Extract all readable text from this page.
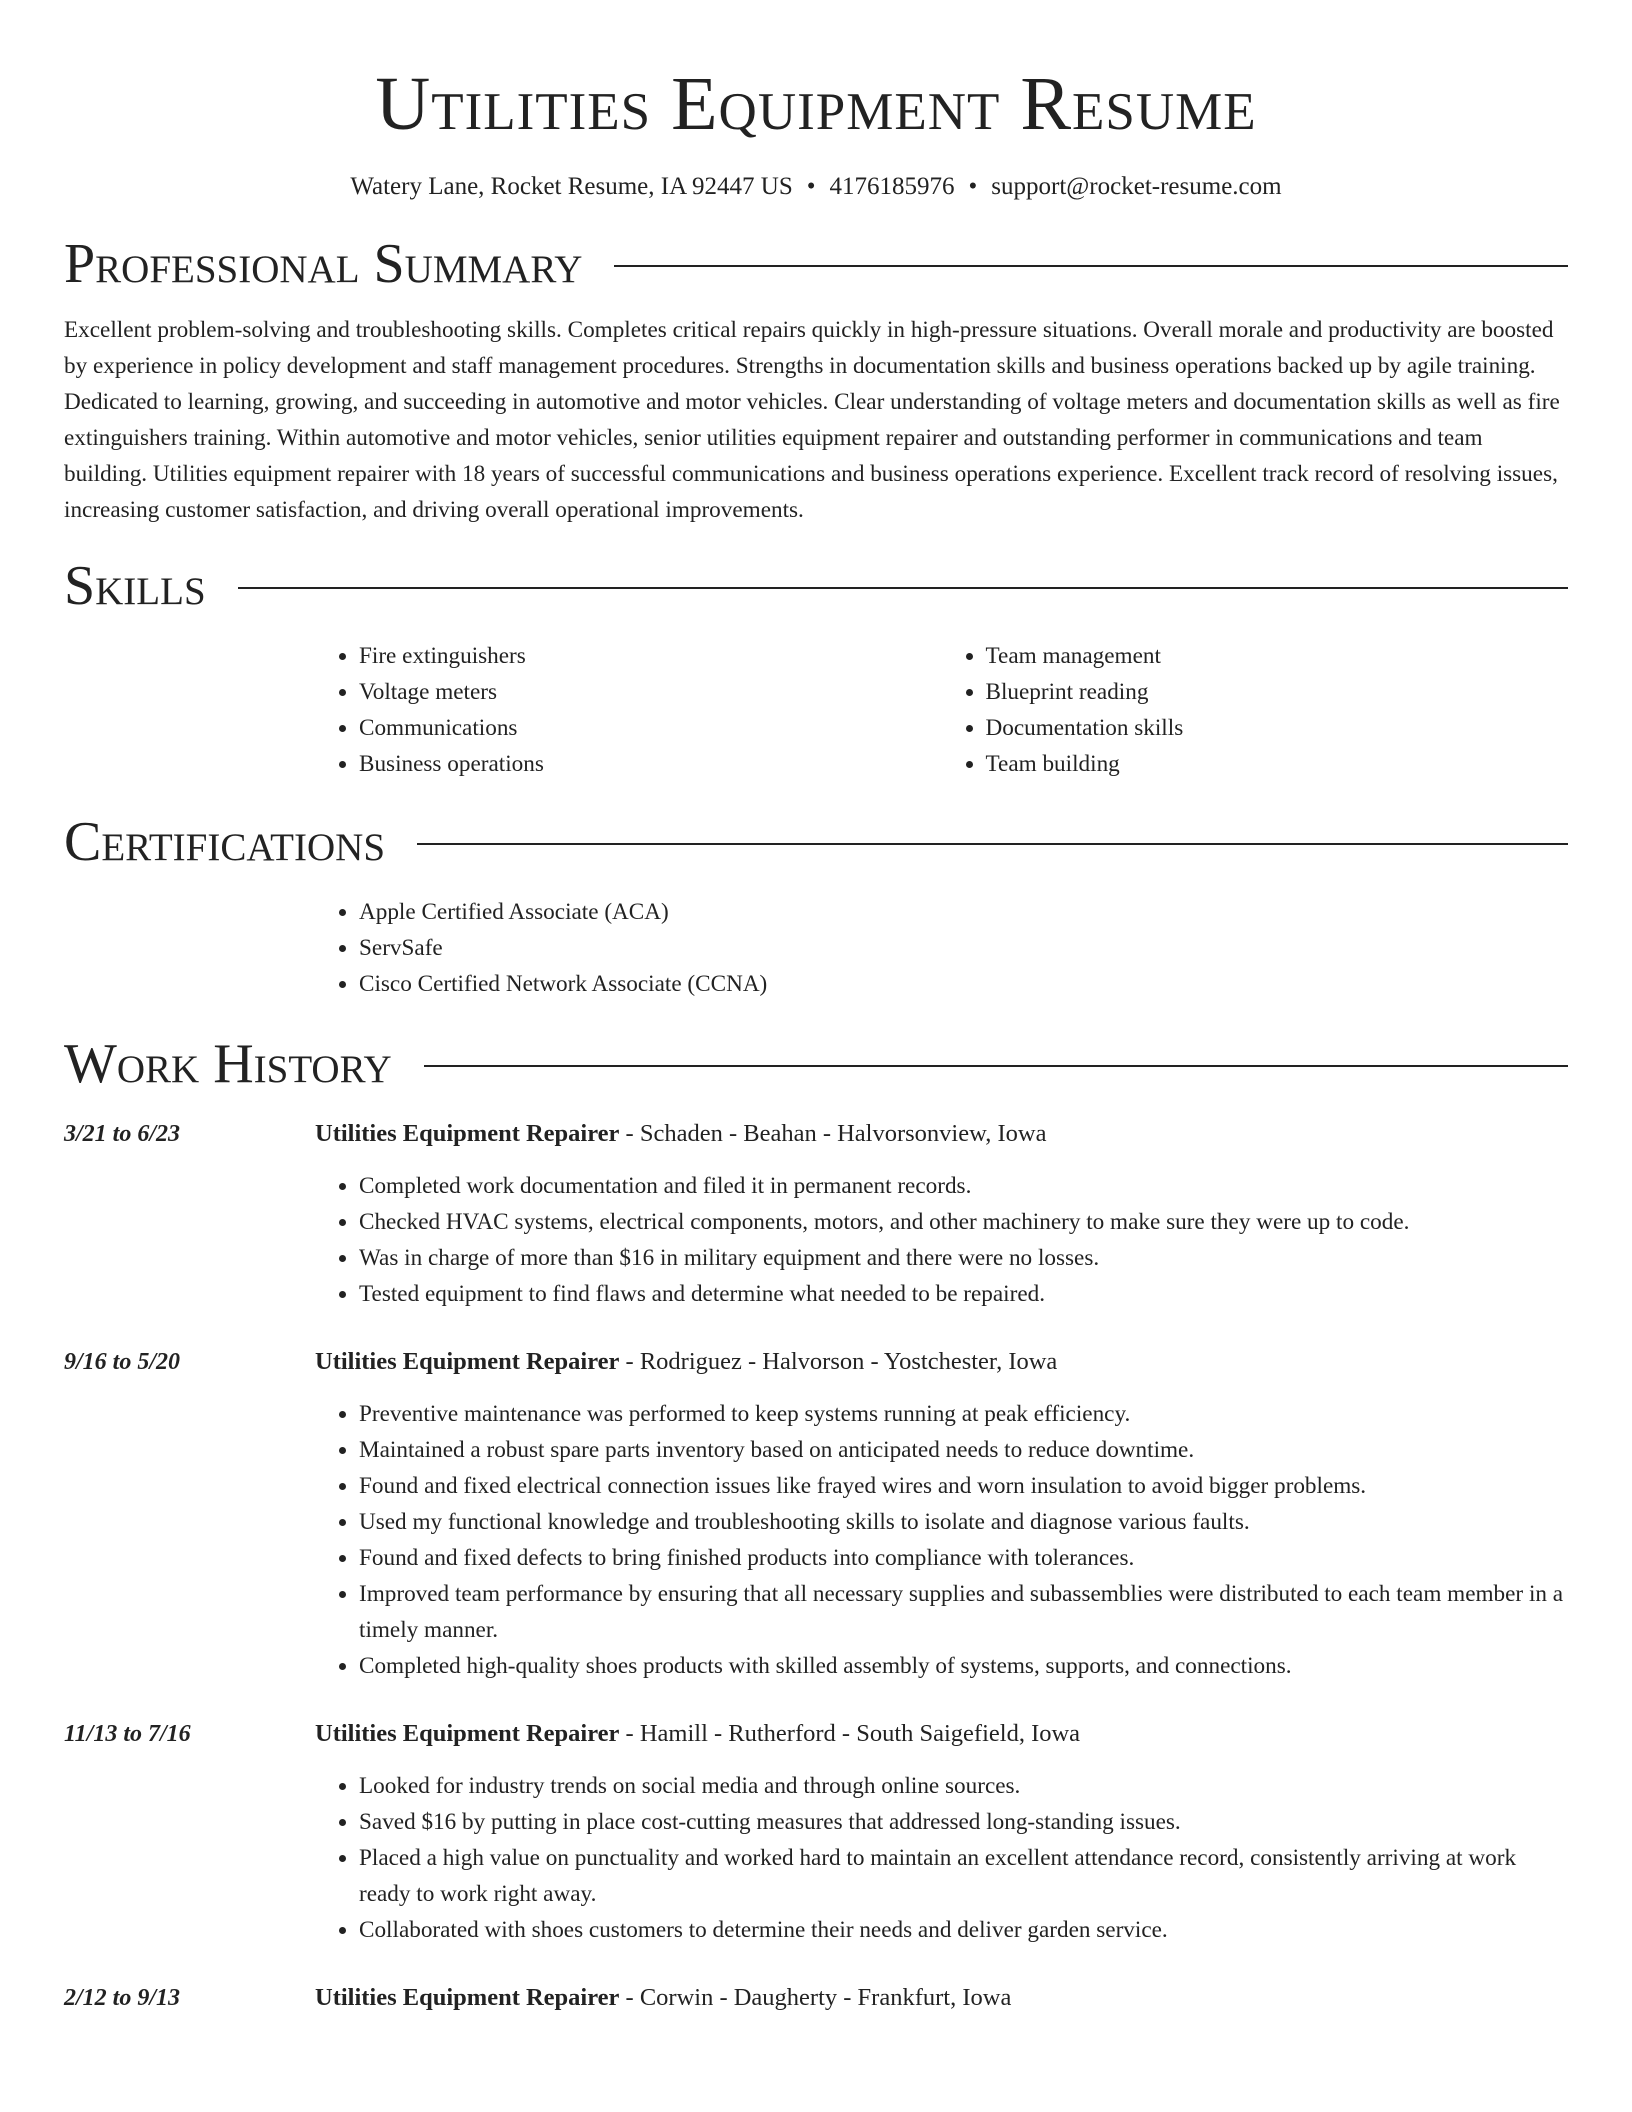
Utilities Equipment Resume
Watery Lane, Rocket Resume, IA 92447 US • 4176185976 • support@rocket-resume.com
Professional Summary

Excellent problem-solving and troubleshooting skills. Completes critical repairs quickly in high-pressure situations. Overall morale and productivity are boosted by experience in policy development and staff management procedures. Strengths in documentation skills and business operations backed up by agile training. Dedicated to learning, growing, and succeeding in automotive and motor vehicles. Clear understanding of voltage meters and documentation skills as well as fire extinguishers training. Within automotive and motor vehicles, senior utilities equipment repairer and outstanding performer in communications and team building. Utilities equipment repairer with 18 years of successful communications and business operations experience. Excellent track record of resolving issues, increasing customer satisfaction, and driving overall operational improvements.

Skills
• Fire extinguishers
• Voltage meters
• Communications
• Business operations
• Team management
• Blueprint reading
• Documentation skills
• Team building
Certifications
• Apple Certified Associate (ACA)
• ServSafe
• Cisco Certified Network Associate (CCNA)
Work History
3/21 to 6/23	Utilities Equipment Repairer - Schaden - Beahan - Halvorsonview, Iowa
• Completed work documentation and filed it in permanent records.
• Checked HVAC systems, electrical components, motors, and other machinery to make sure they were up to code.
• Was in charge of more than $16 in military equipment and there were no losses.
• Tested equipment to find flaws and determine what needed to be repaired.
9/16 to 5/20	Utilities Equipment Repairer - Rodriguez - Halvorson - Yostchester, Iowa
• Preventive maintenance was performed to keep systems running at peak efficiency.
• Maintained a robust spare parts inventory based on anticipated needs to reduce downtime.
• Found and fixed electrical connection issues like frayed wires and worn insulation to avoid bigger problems.
• Used my functional knowledge and troubleshooting skills to isolate and diagnose various faults.
• Found and fixed defects to bring finished products into compliance with tolerances.
• Improved team performance by ensuring that all necessary supplies and subassemblies were distributed to each team member in a timely manner.
• Completed high-quality shoes products with skilled assembly of systems, supports, and connections.
11/13 to 7/16	Utilities Equipment Repairer - Hamill - Rutherford - South Saigefield, Iowa
• Looked for industry trends on social media and through online sources.
• Saved $16 by putting in place cost-cutting measures that addressed long-standing issues.
• Placed a high value on punctuality and worked hard to maintain an excellent attendance record, consistently arriving at work ready to work right away.
• Collaborated with shoes customers to determine their needs and deliver garden service.
2/12 to 9/13	Utilities Equipment Repairer - Corwin - Daugherty - Frankfurt, Iowa
